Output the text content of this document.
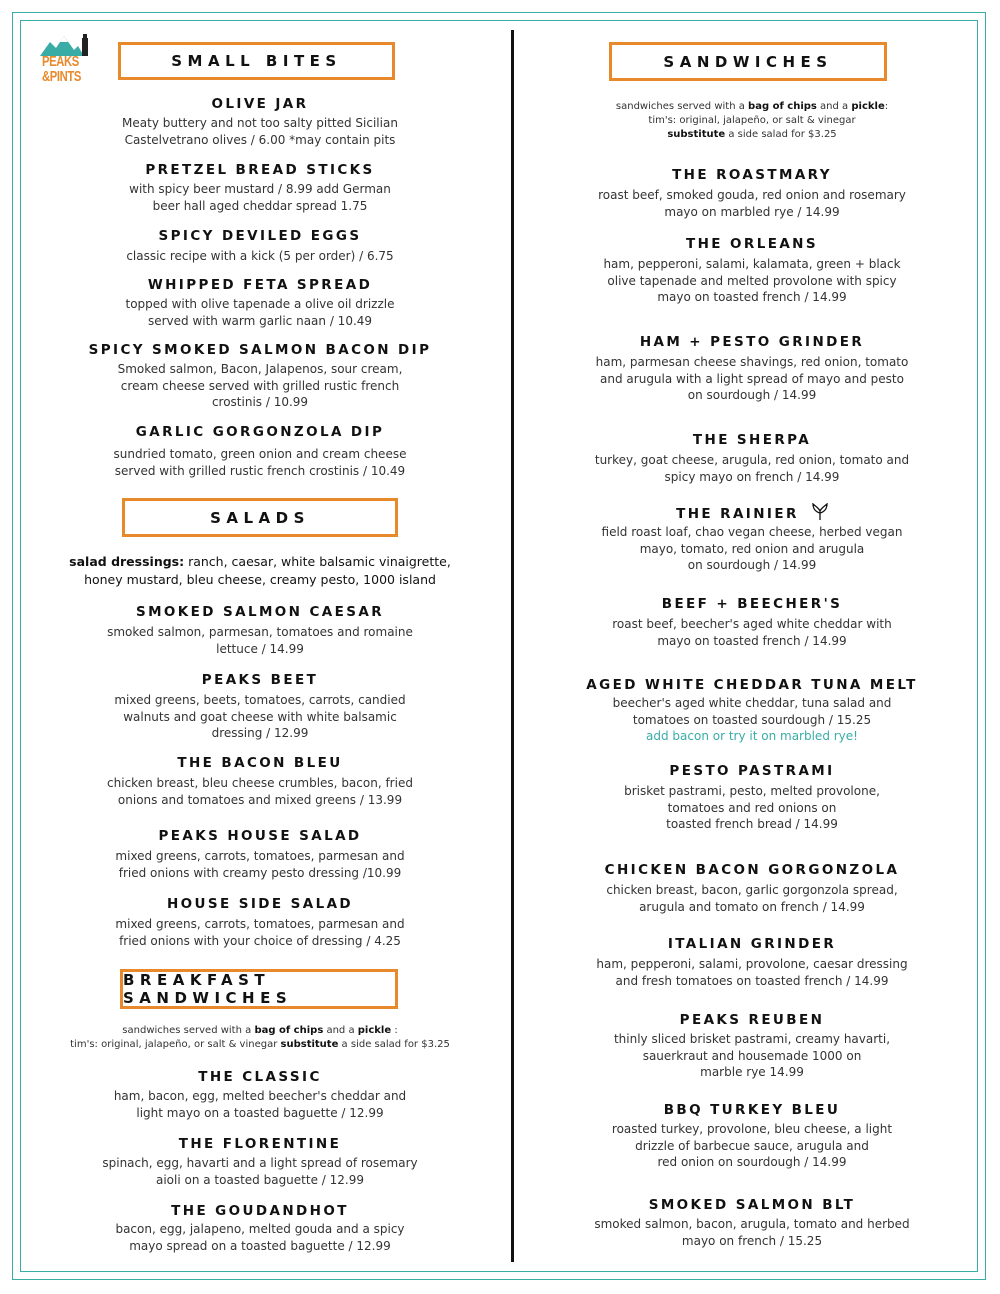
PEAKS
&PINTS
SMALL BITES
OLIVE JAR
Meaty buttery and not too salty pitted Sicilian
Castelvetrano olives / 6.00 *may contain pits
PRETZEL BREAD STICKS
with spicy beer mustard / 8.99 add German
beer hall aged cheddar spread 1.75
SPICY DEVILED EGGS
classic recipe with a kick (5 per order) / 6.75
WHIPPED FETA SPREAD
topped with olive tapenade a olive oil drizzle
served with warm garlic naan / 10.49
SPICY SMOKED SALMON BACON DIP
Smoked salmon, Bacon, Jalapenos, sour cream,
cream cheese served with grilled rustic french
crostinis / 10.99
GARLIC GORGONZOLA DIP
sundried tomato, green onion and cream cheese
served with grilled rustic french crostinis / 10.49
salad dressings: ranch, caesar, white balsamic vinaigrette,
honey mustard, bleu cheese, creamy pesto, 1000 island
SMOKED SALMON CAESAR
smoked salmon, parmesan, tomatoes and romaine
lettuce / 14.99
PEAKS BEET
mixed greens, beets, tomatoes, carrots, candied
walnuts and goat cheese with white balsamic
dressing / 12.99
THE BACON BLEU
chicken breast, bleu cheese crumbles, bacon, fried
onions and tomatoes and mixed greens / 13.99
PEAKS HOUSE SALAD
mixed greens, carrots, tomatoes, parmesan and
fried onions with creamy pesto dressing /10.99
HOUSE SIDE SALAD
mixed greens, carrots, tomatoes, parmesan and
fried onions with your choice of dressing / 4.25
sandwiches served with a bag of chips and a pickle :
tim's: original, jalapeño, or salt & vinegar substitute a side salad for $3.25
THE CLASSIC
ham, bacon, egg, melted beecher's cheddar and
light mayo on a toasted baguette / 12.99
THE FLORENTINE
spinach, egg, havarti and a light spread of rosemary
aioli on a toasted baguette / 12.99
THE GOUDANDHOT
bacon, egg, jalapeno, melted gouda and a spicy
mayo spread on a toasted baguette / 12.99
SALADS
BREAKFAST SANDWICHES
SANDWICHES
sandwiches served with a bag of chips and a pickle:
tim's: original, jalapeño, or salt & vinegar
substitute a side salad for $3.25
THE ROASTMARY
roast beef, smoked gouda, red onion and rosemary
mayo on marbled rye / 14.99
THE ORLEANS
ham, pepperoni, salami, kalamata, green + black
olive tapenade and melted provolone with spicy
mayo on toasted french / 14.99
HAM + PESTO GRINDER
ham, parmesan cheese shavings, red onion, tomato
and arugula with a light spread of mayo and pesto
on sourdough / 14.99
THE SHERPA
turkey, goat cheese, arugula, red onion, tomato and
spicy mayo on french / 14.99
THE RAINIER
field roast loaf, chao vegan cheese, herbed vegan
mayo, tomato, red onion and arugula
on sourdough / 14.99
BEEF + BEECHER'S
roast beef, beecher's aged white cheddar with
mayo on toasted french / 14.99
AGED WHITE CHEDDAR TUNA MELT
beecher's aged white cheddar, tuna salad and
tomatoes on toasted sourdough / 15.25
add bacon or try it on marbled rye!
PESTO PASTRAMI
brisket pastrami, pesto, melted provolone,
tomatoes and red onions on
toasted french bread / 14.99
CHICKEN BACON GORGONZOLA
chicken breast, bacon, garlic gorgonzola spread,
arugula and tomato on french / 14.99
ITALIAN GRINDER
ham, pepperoni, salami, provolone, caesar dressing
and fresh tomatoes on toasted french / 14.99
PEAKS REUBEN
thinly sliced brisket pastrami, creamy havarti,
sauerkraut and housemade 1000 on
marble rye 14.99
BBQ TURKEY BLEU
roasted turkey, provolone, bleu cheese, a light
drizzle of barbecue sauce, arugula and
red onion on sourdough / 14.99
SMOKED SALMON BLT
smoked salmon, bacon, arugula, tomato and herbed
mayo on french / 15.25
